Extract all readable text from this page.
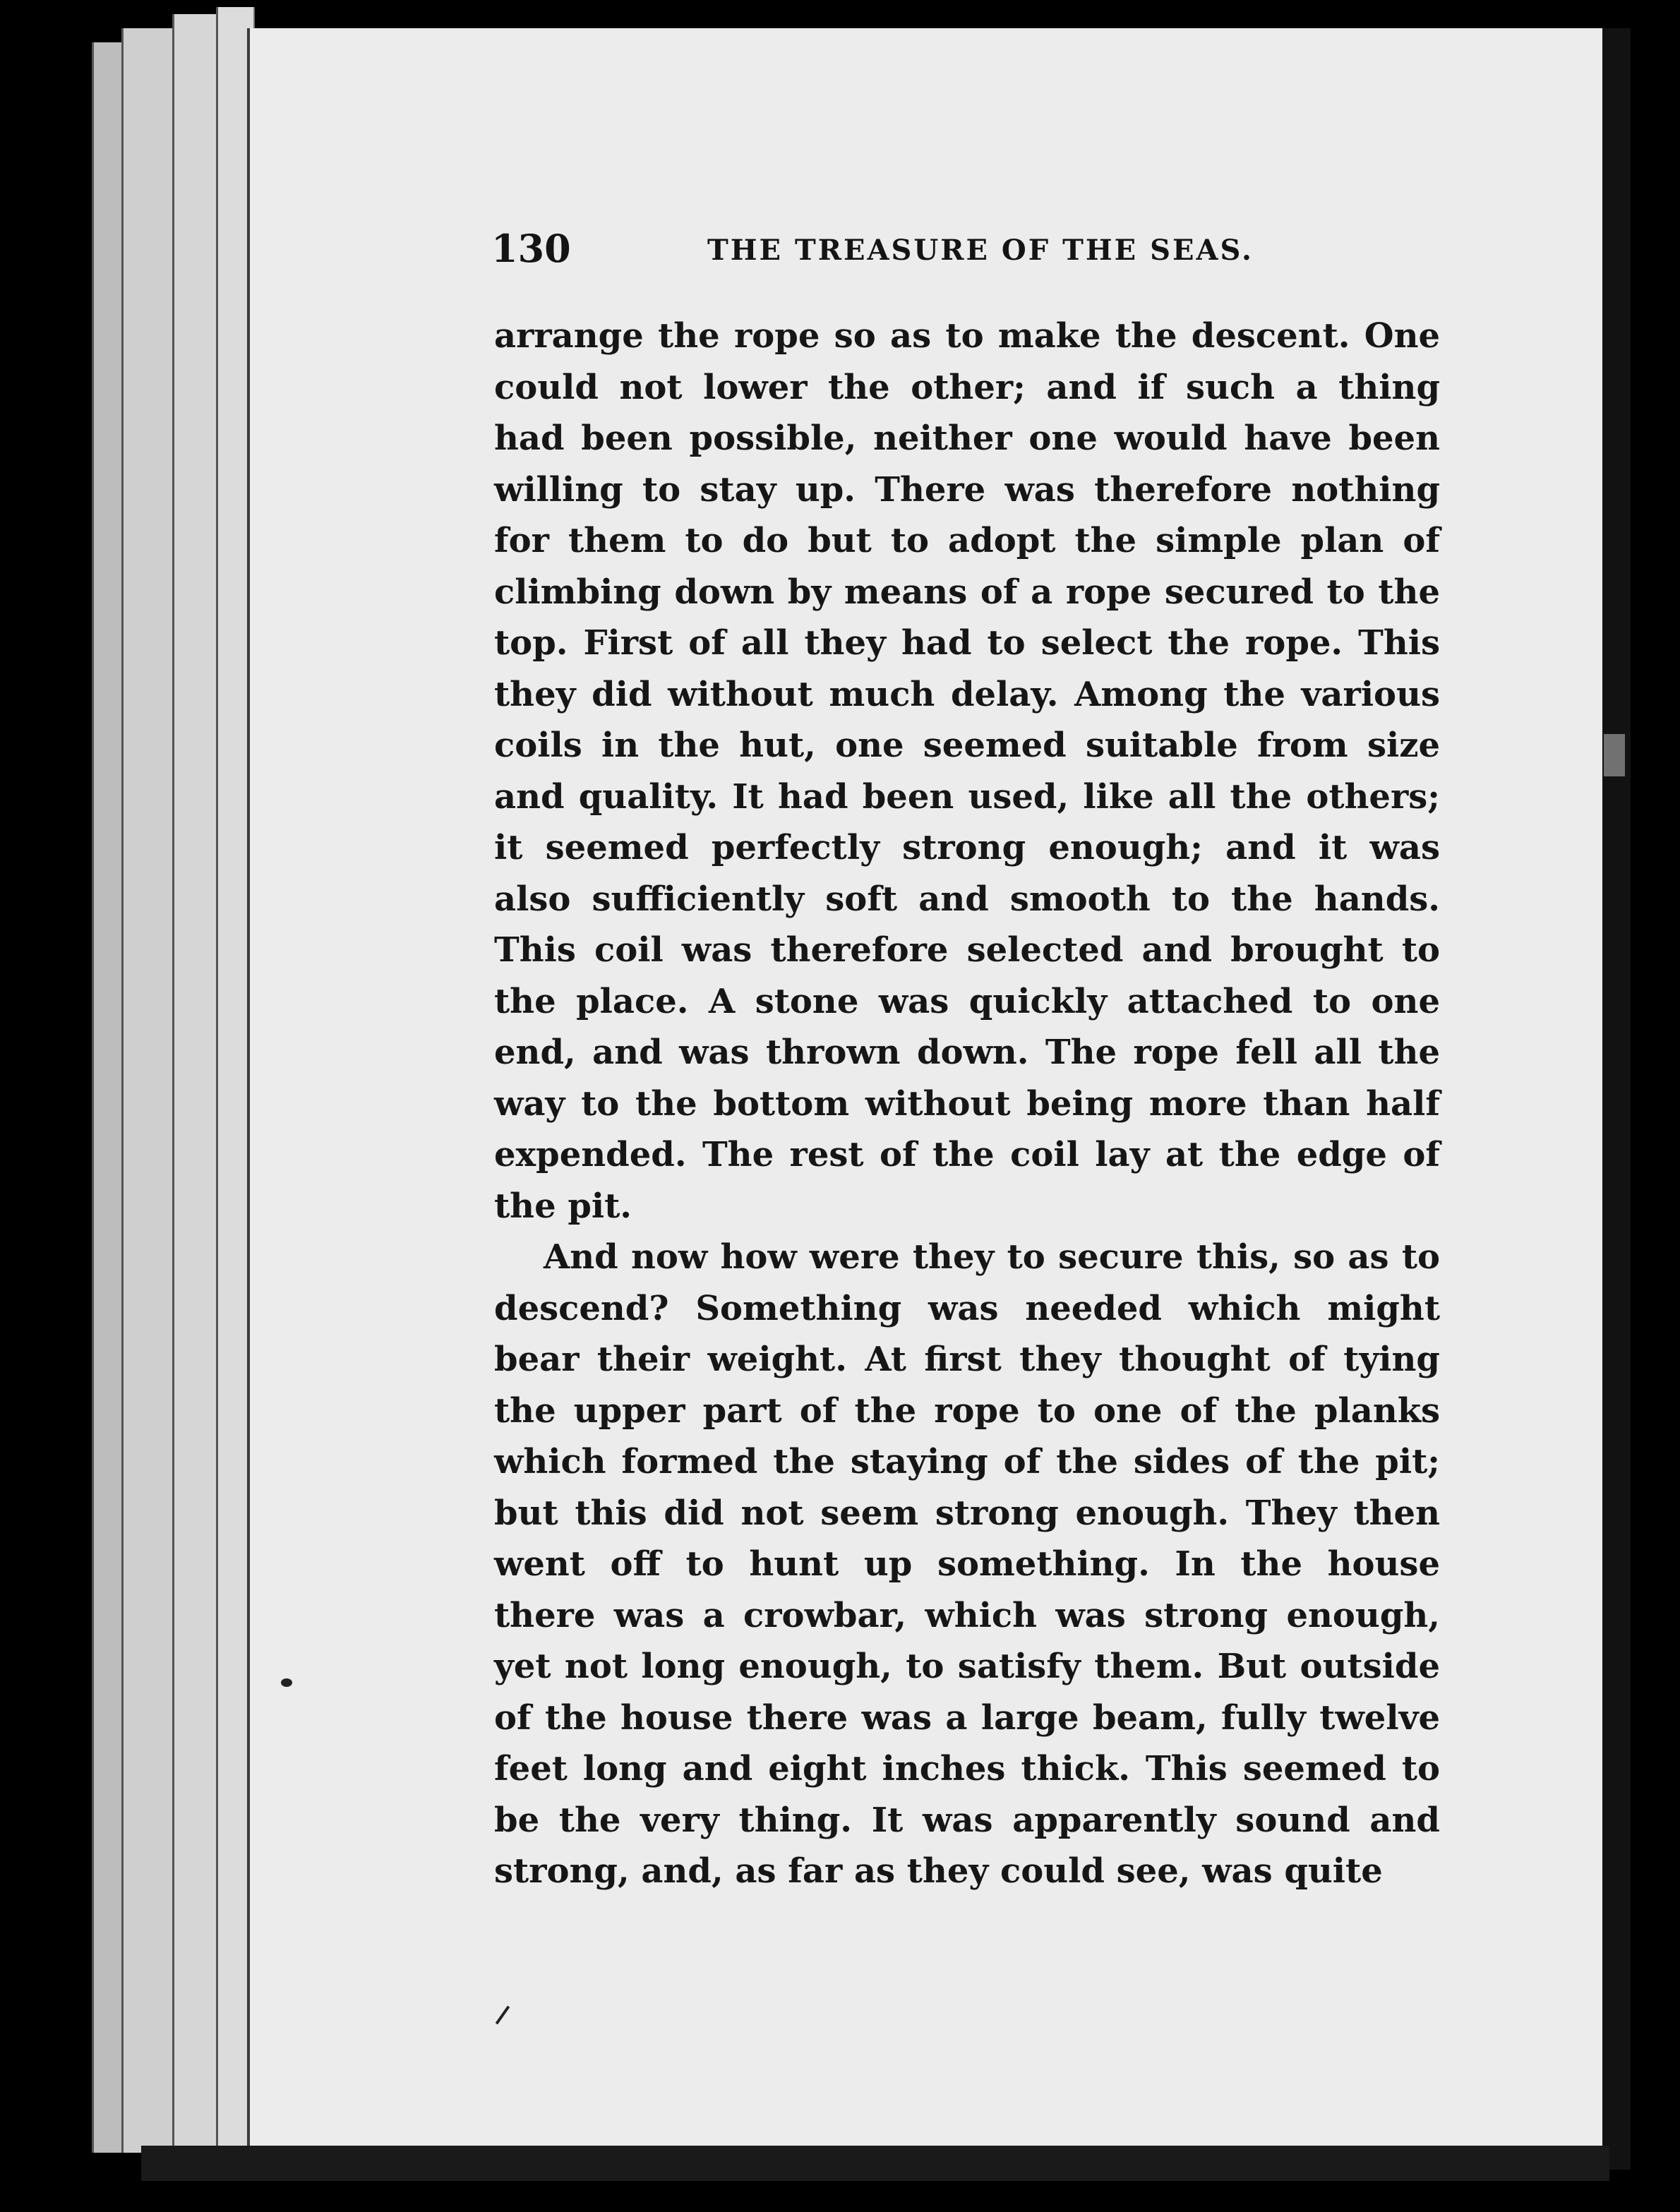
130	THE TREASURE OF THE SEAS.

arrange the rope so as to make the descent. One could not lower the other; and if such a thing had been possible, neither one would have been willing to stay up. There was therefore nothing for them to do but to adopt the simple plan of climbing down by means of a rope secured to the top. First of all they had to select the rope. This they did without much delay. Among the various coils in the hut, one seemed suitable from size and quality. It had been used, like all the others; it seemed perfectly strong enough; and it was also sufficiently soft and smooth to the hands. This coil was therefore selected and brought to the place. A stone was quickly attached to one end, and was thrown down. The rope fell all the way to the bottom without being more than half expended. The rest of the coil lay at the edge of the pit.

And now how were they to secure this, so as to descend? Something was needed which might bear their weight. At first they thought of tying the upper part of the rope to one of the planks which formed the staying of the sides of the pit; but this did not seem strong enough. They then went off to hunt up something. In the house there was a crowbar, which was strong enough, yet not long enough, to satisfy them. But outside of the house there was a large beam, fully twelve feet long and eight inches thick. This seemed to be the very thing. It was apparently sound and strong, and, as far as they could see, was quite
